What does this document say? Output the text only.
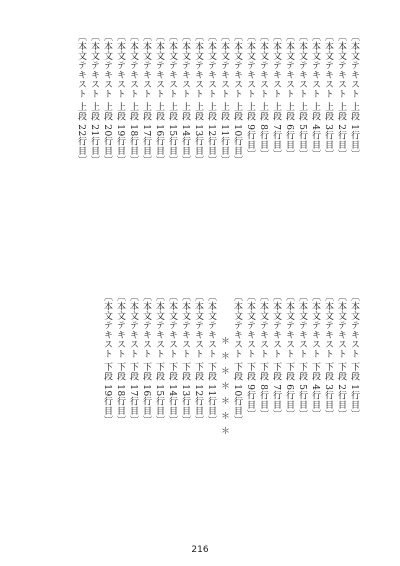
〔本文テキスト 上段 1行目〕
〔本文テキスト 上段 2行目〕
〔本文テキスト 上段 3行目〕
〔本文テキスト 上段 4行目〕
〔本文テキスト 上段 5行目〕
〔本文テキスト 上段 6行目〕
〔本文テキスト 上段 7行目〕
〔本文テキスト 上段 8行目〕
〔本文テキスト 上段 9行目〕
〔本文テキスト 上段 10行目〕
〔本文テキスト 上段 11行目〕
〔本文テキスト 上段 12行目〕
〔本文テキスト 上段 13行目〕
〔本文テキスト 上段 14行目〕
〔本文テキスト 上段 15行目〕
〔本文テキスト 上段 16行目〕
〔本文テキスト 上段 17行目〕
〔本文テキスト 上段 18行目〕
〔本文テキスト 上段 19行目〕
〔本文テキスト 上段 20行目〕
〔本文テキスト 上段 21行目〕
〔本文テキスト 上段 22行目〕
〔本文テキスト 下段 1行目〕
〔本文テキスト 下段 2行目〕
〔本文テキスト 下段 3行目〕
〔本文テキスト 下段 4行目〕
〔本文テキスト 下段 5行目〕
〔本文テキスト 下段 6行目〕
〔本文テキスト 下段 7行目〕
〔本文テキスト 下段 8行目〕
〔本文テキスト 下段 9行目〕
〔本文テキスト 下段 10行目〕
＊＊＊＊＊＊＊
〔本文テキスト 下段 11行目〕
〔本文テキスト 下段 12行目〕
〔本文テキスト 下段 13行目〕
〔本文テキスト 下段 14行目〕
〔本文テキスト 下段 15行目〕
〔本文テキスト 下段 16行目〕
〔本文テキスト 下段 17行目〕
〔本文テキスト 下段 18行目〕
〔本文テキスト 下段 19行目〕
216
